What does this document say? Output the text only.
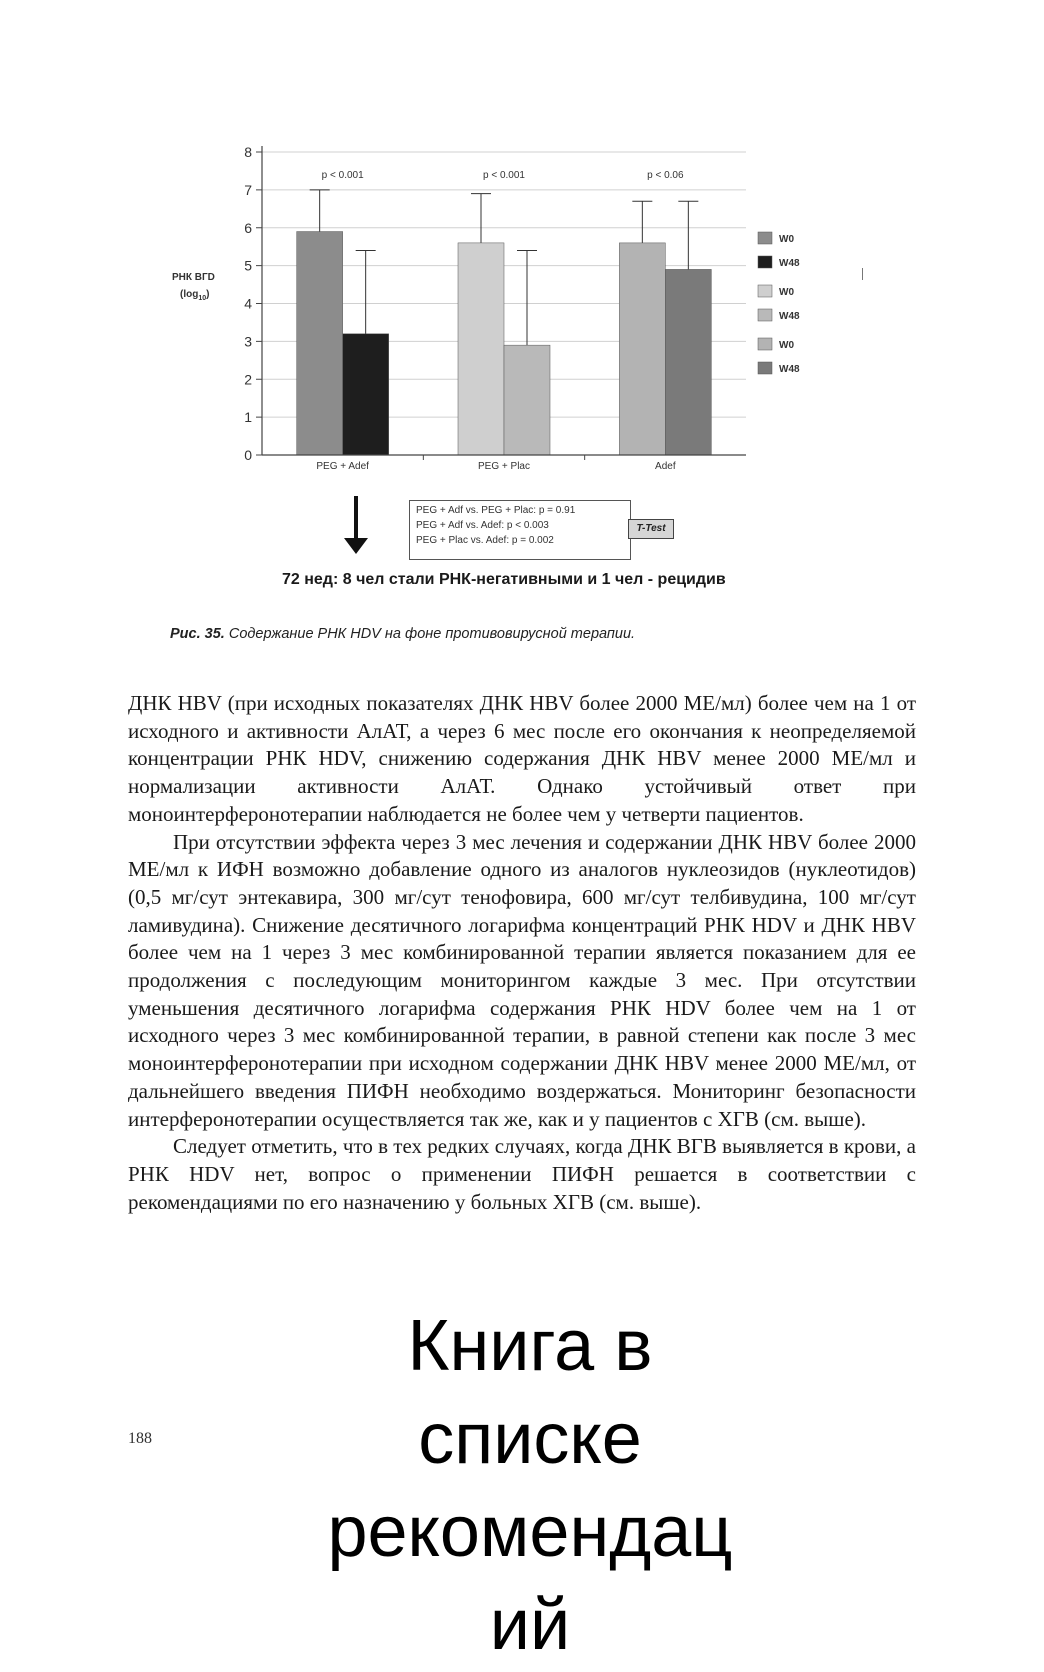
0
1
2
3
4
5
6
7
8
PEG + Adef
p < 0.001
PEG + Plac
p < 0.001
Adef
p < 0.06
W0
W48
W0
W48
W0
W48
РНК ВГD
$(\log_{10})$
PEG + Adf vs. PEG + Plac: p = 0.91
PEG + Adf vs. Adef: p < 0.003
PEG + Plac vs. Adef: p = 0.002
T-Test
72 нед: 8 чел стали РНК-негативными и 1 чел - рецидив
Рис. 35. Содержание РНК HDV на фоне противовирусной терапии.

ДНК HBV (при исходных показателях ДНК HBV более 2000 МЕ/мл) более чем на 1 от исходного и активности АлАТ, а через 6 мес после его окончания к неопределяемой концентрации РНК HDV, снижению содержания ДНК HBV менее 2000 МЕ/мл и нормализации активности АлАТ. Однако устойчивый ответ при моноинтерферонотерапии наблюдается не более чем у четверти пациентов.

При отсутствии эффекта через 3 мес лечения и содержании ДНК HBV более 2000 МЕ/мл к ИФН возможно добавление одного из аналогов нуклеозидов (нуклеотидов) (0,5 мг/сут энтекавира, 300 мг/сут тенофовира, 600 мг/сут телбивудина, 100 мг/сут ламивудина). Снижение десятичного логарифма концентраций РНК HDV и ДНК HBV более чем на 1 через 3 мес комбинированной терапии является показанием для ее продолжения с последующим мониторингом каждые 3 мес. При отсутствии уменьшения десятичного логарифма содержания РНК HDV более чем на 1 от исходного через 3 мес комбинированной терапии, в равной степени как после 3 мес моноинтерферонотерапии при исходном содержании ДНК HBV менее 2000 МЕ/мл, от дальнейшего введения ПИФН необходимо воздержаться. Мониторинг безопасности интерферонотерапии осуществляется так же, как и у пациентов с ХГВ (см. выше).

Следует отметить, что в тех редких случаях, когда ДНК ВГВ выявляется в крови, а РНК HDV нет, вопрос о применении ПИФН решается в соответствии с рекомендациями по его назначению у больных ХГВ (см. выше).

188
Книга в
списке
рекомендац
ий
